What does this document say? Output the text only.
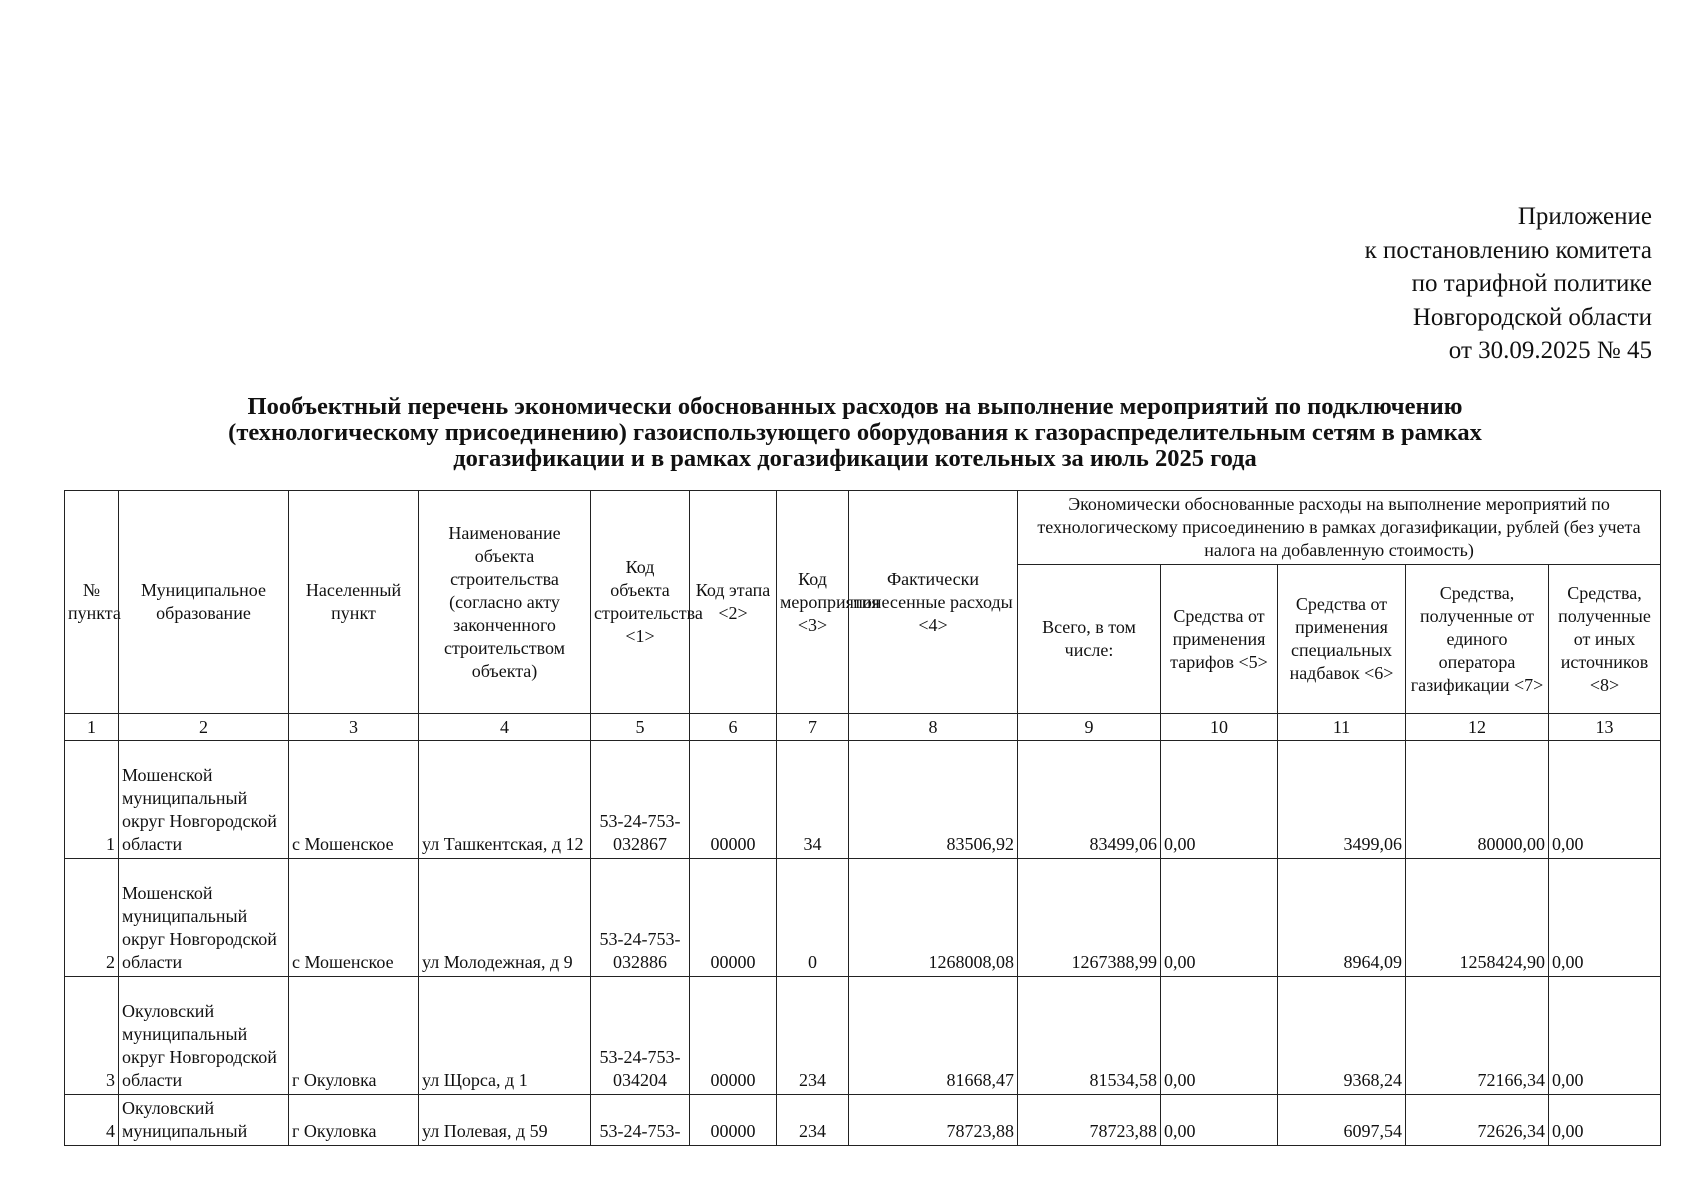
Приложение
к постановлению комитета
по тарифной политике
Новгородской области
от 30.09.2025 № 45
Пообъектный перечень экономически обоснованных расходов на выполнение мероприятий по подключению
(технологическому присоединению) газоиспользующего оборудования к газораспределительным сетям в рамках
догазификации и в рамках догазификации котельных за июль 2025 года
№ пункта	Муниципальное образование	Населенный пункт	Наименование объекта строительства (согласно акту законченного строительством объекта)	Код объекта строительства <1>	Код этапа <2>	Код мероприятия <3>	Фактически понесенные расходы <4>	Экономически обоснованные расходы на выполнение мероприятий по технологическому присоединению в рамках догазификации, рублей (без учета налога на добавленную стоимость)				
								Всего, в том числе:	Средства от применения тарифов <5>	Средства от применения специальных надбавок <6>	Средства, полученные от единого оператора газификации <7>	Средства, полученные от иных источников <8>
1	2	3	4	5	6	7	8	9	10	11	12	13
1	Мошенской муниципальный округ Новгородской области	с Мошенское	ул Ташкентская, д 12	53-24-753-032867	00000	34	83506,92	83499,06	0,00	3499,06	80000,00	0,00
2	Мошенской муниципальный округ Новгородской области	с Мошенское	ул Молодежная, д 9	53-24-753-032886	00000	0	1268008,08	1267388,99	0,00	8964,09	1258424,90	0,00
3	Окуловский муниципальный округ Новгородской области	г Окуловка	ул Щорса, д 1	53-24-753-034204	00000	234	81668,47	81534,58	0,00	9368,24	72166,34	0,00
4	Окуловский муниципальный	г Окуловка	ул Полевая, д 59	53-24-753-	00000	234	78723,88	78723,88	0,00	6097,54	72626,34	0,00
